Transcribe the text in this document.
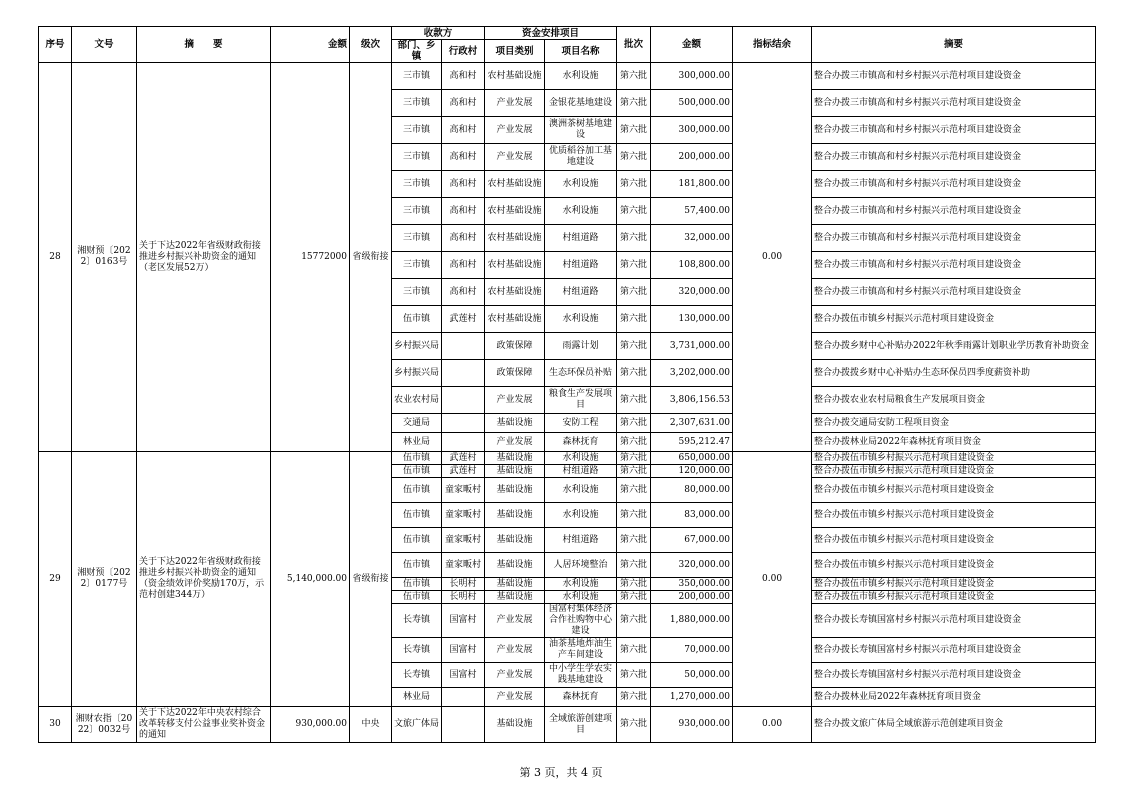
序号	文号	摘　　要	金额	级次	收款方		资金安排项目		批次	金额	指标结余	摘要
					部门、乡镇	行政村	项目类别	项目名称				
28	湘财预〔2022〕0163号	关于下达2022年省级财政衔接推进乡村振兴补助资金的通知（老区发展52万）	15772000	省级衔接	三市镇	高和村	农村基础设施	水利设施	第六批	300,000.00	0.00	整合办拨三市镇高和村乡村振兴示范村项目建设资金
					三市镇	高和村	产业发展	金银花基地建设	第六批	500,000.00		整合办拨三市镇高和村乡村振兴示范村项目建设资金
					三市镇	高和村	产业发展	澳洲茶树基地建设	第六批	300,000.00		整合办拨三市镇高和村乡村振兴示范村项目建设资金
					三市镇	高和村	产业发展	优质稻谷加工基地建设	第六批	200,000.00		整合办拨三市镇高和村乡村振兴示范村项目建设资金
					三市镇	高和村	农村基础设施	水利设施	第六批	181,800.00		整合办拨三市镇高和村乡村振兴示范村项目建设资金
					三市镇	高和村	农村基础设施	水利设施	第六批	57,400.00		整合办拨三市镇高和村乡村振兴示范村项目建设资金
					三市镇	高和村	农村基础设施	村组道路	第六批	32,000.00		整合办拨三市镇高和村乡村振兴示范村项目建设资金
					三市镇	高和村	农村基础设施	村组道路	第六批	108,800.00		整合办拨三市镇高和村乡村振兴示范村项目建设资金
					三市镇	高和村	农村基础设施	村组道路	第六批	320,000.00		整合办拨三市镇高和村乡村振兴示范村项目建设资金
					伍市镇	武莲村	农村基础设施	水利设施	第六批	130,000.00		整合办拨伍市镇乡村振兴示范村项目建设资金
					乡村振兴局		政策保障	雨露计划	第六批	3,731,000.00		整合办拨乡财中心补贴办2022年秋季雨露计划职业学历教育补助资金
					乡村振兴局		政策保障	生态环保员补贴	第六批	3,202,000.00		整合办拨拨乡财中心补贴办生态环保员四季度薪资补助
					农业农村局		产业发展	粮食生产发展项目	第六批	3,806,156.53		整合办拨农业农村局粮食生产发展项目资金
					交通局		基础设施	安防工程	第六批	2,307,631.00		整合办拨交通局安防工程项目资金
					林业局		产业发展	森林抚育	第六批	595,212.47		整合办拨林业局2022年森林抚育项目资金
29	湘财预〔2022〕0177号	关于下达2022年省级财政衔接推进乡村振兴补助资金的通知（资金绩效评价奖励170万，示范村创建344万）	5,140,000.00	省级衔接	伍市镇	武莲村	基础设施	水利设施	第六批	650,000.00	0.00	整合办拨伍市镇乡村振兴示范村项目建设资金
					伍市镇	武莲村	基础设施	村组道路	第六批	120,000.00		整合办拨伍市镇乡村振兴示范村项目建设资金
					伍市镇	童家畈村	基础设施	水利设施	第六批	80,000.00		整合办拨伍市镇乡村振兴示范村项目建设资金
					伍市镇	童家畈村	基础设施	水利设施	第六批	83,000.00		整合办拨伍市镇乡村振兴示范村项目建设资金
					伍市镇	童家畈村	基础设施	村组道路	第六批	67,000.00		整合办拨伍市镇乡村振兴示范村项目建设资金
					伍市镇	童家畈村	基础设施	人居环境整治	第六批	320,000.00		整合办拨伍市镇乡村振兴示范村项目建设资金
					伍市镇	长明村	基础设施	水利设施	第六批	350,000.00		整合办拨伍市镇乡村振兴示范村项目建设资金
					伍市镇	长明村	基础设施	水利设施	第六批	200,000.00		整合办拨伍市镇乡村振兴示范村项目建设资金
					长寿镇	国富村	产业发展	国富村集体经济合作社购物中心建设	第六批	1,880,000.00		整合办拨长寿镇国富村乡村振兴示范村项目建设资金
					长寿镇	国富村	产业发展	油茶基地炸油生产车间建设	第六批	70,000.00		整合办拨长寿镇国富村乡村振兴示范村项目建设资金
					长寿镇	国富村	产业发展	中小学生学农实践基地建设	第六批	50,000.00		整合办拨长寿镇国富村乡村振兴示范村项目建设资金
					林业局		产业发展	森林抚育	第六批	1,270,000.00		整合办拨林业局2022年森林抚育项目资金
30	湘财农指〔2022〕0032号	关于下达2022年中央农村综合改革转移支付公益事业奖补资金的通知	930,000.00	中央	文旅广体局		基础设施	全域旅游创建项目	第六批	930,000.00	0.00	整合办拨文旅广体局全域旅游示范创建项目资金
第 3 页，共 4 页
